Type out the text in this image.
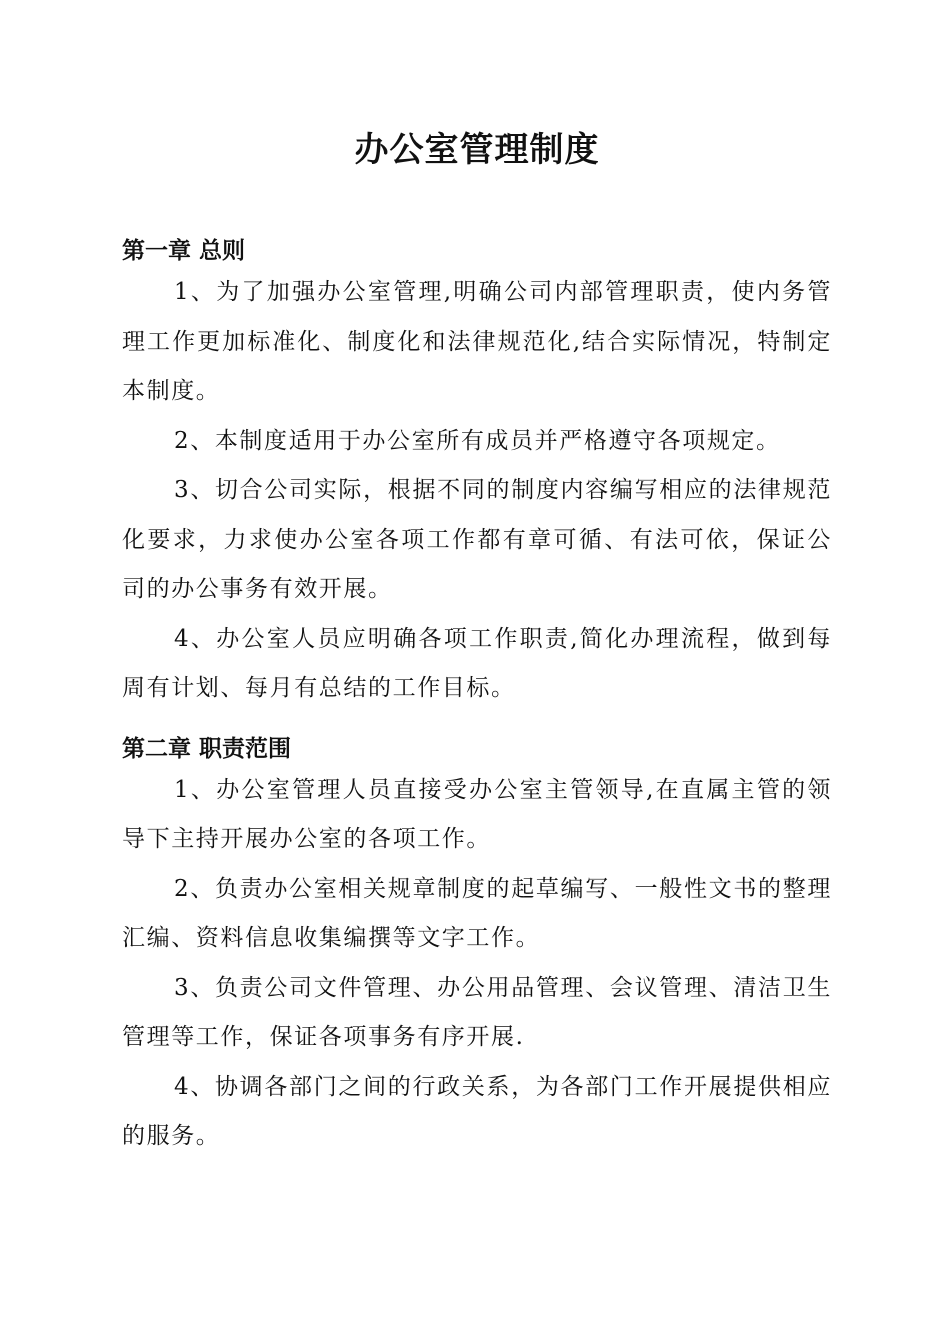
办公室管理制度
第一章 总则

1、为了加强办公室管理,明确公司内部管理职责，使内务管理工作更加标准化、制度化和法律规范化,结合实际情况，特制定本制度。

2、本制度适用于办公室所有成员并严格遵守各项规定。

3、切合公司实际，根据不同的制度内容编写相应的法律规范化要求，力求使办公室各项工作都有章可循、有法可依，保证公司的办公事务有效开展。

4、办公室人员应明确各项工作职责,简化办理流程，做到每周有计划、每月有总结的工作目标。

第二章 职责范围

1、办公室管理人员直接受办公室主管领导,在直属主管的领导下主持开展办公室的各项工作。

2、负责办公室相关规章制度的起草编写、一般性文书的整理汇编、资料信息收集编撰等文字工作。

3、负责公司文件管理、办公用品管理、会议管理、清洁卫生管理等工作，保证各项事务有序开展.

4、协调各部门之间的行政关系，为各部门工作开展提供相应的服务。
